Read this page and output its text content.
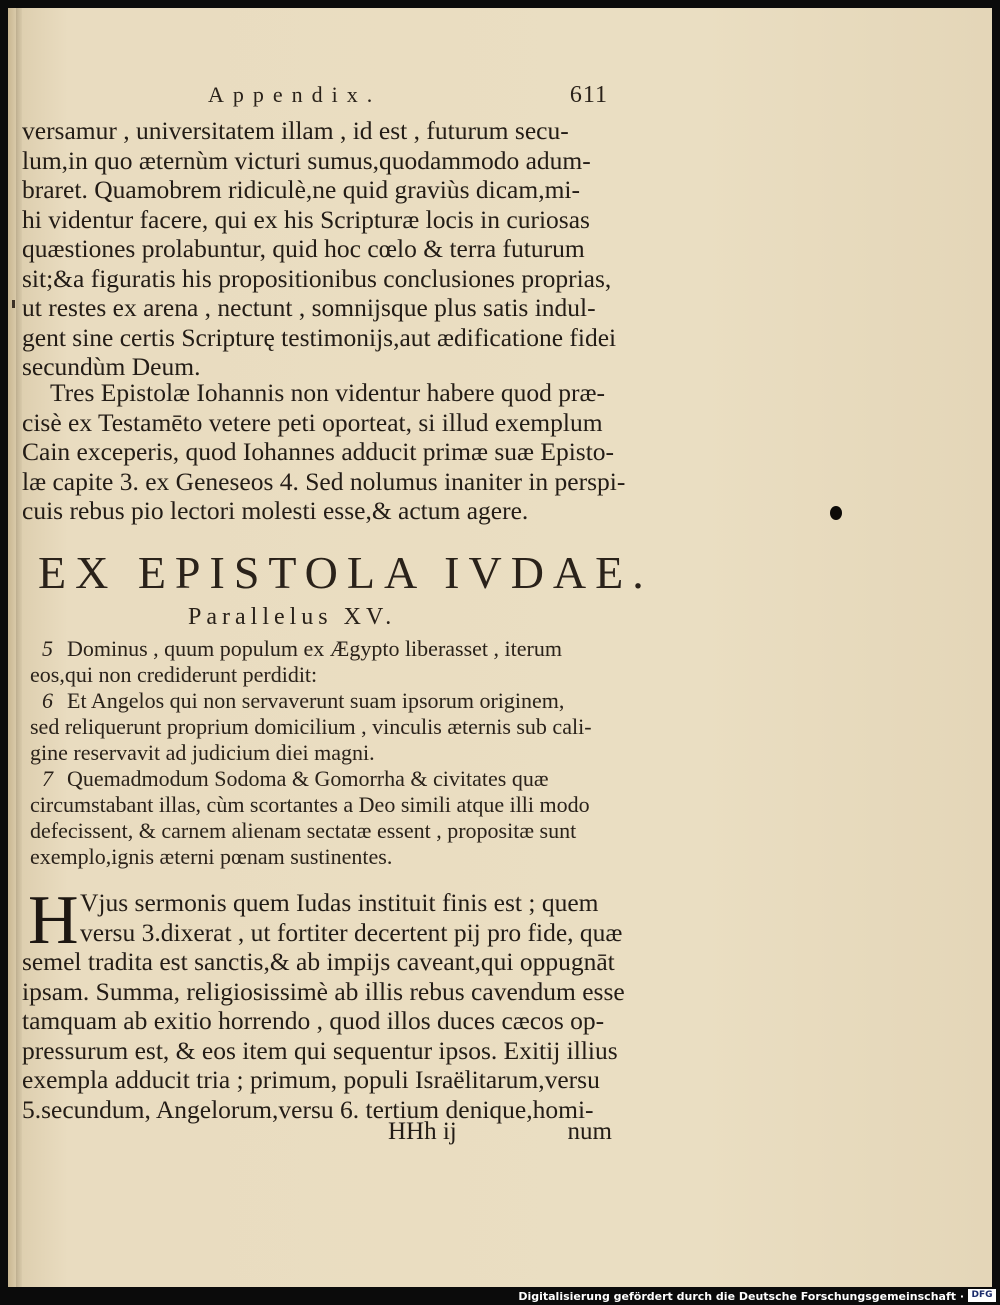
Appendix.	611
versamur , universitatem illam , id est , futurum secu-
lum,in quo æternùm victuri sumus,quodammodo adum-
braret. Quamobrem ridiculè,ne quid graviùs dicam,mi-
hi videntur facere, qui ex his Scripturæ locis in curiosas
quæstiones prolabuntur, quid hoc cœlo & terra futurum
sit;&a figuratis his propositionibus conclusiones proprias,
ut restes ex arena , nectunt , somnijsque plus satis indul-
gent sine certis Scripturę testimonijs,aut ædificatione fidei
secundùm Deum.
Tres Epistolæ Iohannis non videntur habere quod præ-
cisè ex Testamēto vetere peti oporteat, si illud exemplum
Cain exceperis, quod Iohannes adducit primæ suæ Episto-
læ capite 3. ex Geneseos 4. Sed nolumus inaniter in perspi-
cuis rebus pio lectori molesti esse,& actum agere.
EX EPISTOLA IVDAE.
Parallelus XV.
5 Dominus , quum populum ex Ægypto liberasset , iterum
eos,qui non crediderunt perdidit:
6 Et Angelos qui non servaverunt suam ipsorum originem,
sed reliquerunt proprium domicilium , vinculis æternis sub cali-
gine reservavit ad judicium diei magni.
7 Quemadmodum Sodoma & Gomorrha & civitates quæ
circumstabant illas, cùm scortantes a Deo simili atque illi modo
defecissent, & carnem alienam sectatæ essent , propositæ sunt
exemplo,ignis æterni pœnam sustinentes.
H Vjus sermonis quem Iudas instituit finis est ; quem
versu 3.dixerat , ut fortiter decertent pij pro fide, quæ
semel tradita est sanctis,& ab impijs caveant,qui oppugnāt
ipsam. Summa, religiosissimè ab illis rebus cavendum esse
tamquam ab exitio horrendo , quod illos duces cæcos op-
pressurum est, & eos item qui sequentur ipsos. Exitij illius
exempla adducit tria ; primum, populi Israëlitarum,versu
5.secundum, Angelorum,versu 6. tertium denique,homi-
HHh ij	num
Digitalisierung gefördert durch die Deutsche Forschungsgemeinschaft · DFG
